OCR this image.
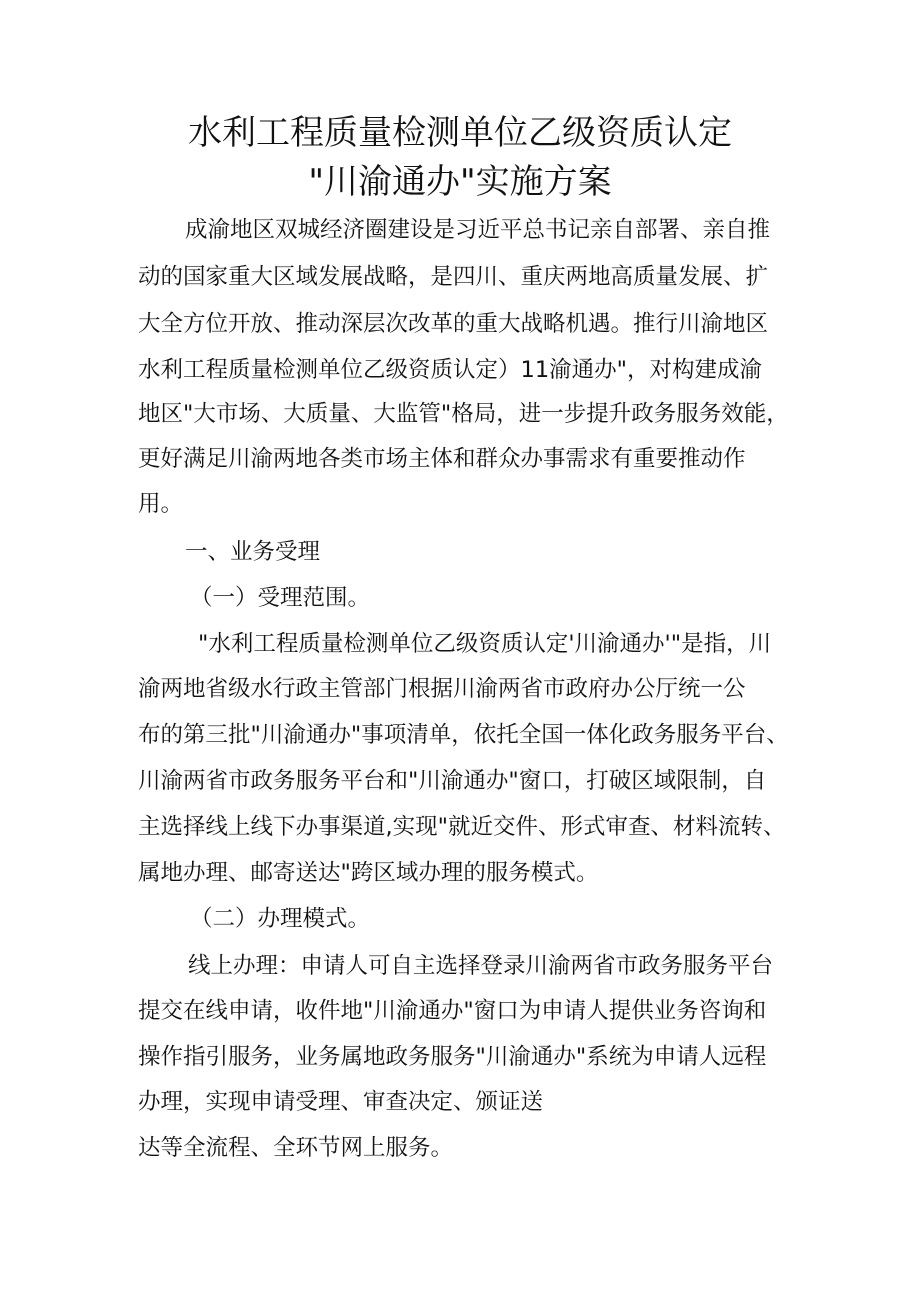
水利工程质量检测单位乙级资质认定
"川渝通办"实施方案
成渝地区双城经济圈建设是习近平总书记亲自部署、亲自推
动的国家重大区域发展战略，是四川、重庆两地高质量发展、扩
大全方位开放、推动深层次改革的重大战略机遇。推行川渝地区
水利工程质量检测单位乙级资质认定）11渝通办"，对构建成渝
地区"大市场、大质量、大监管"格局，进一步提升政务服务效能，
更好满足川渝两地各类市场主体和群众办事需求有重要推动作
用。
一、业务受理
（一）受理范围。
"水利工程质量检测单位乙级资质认定'川渝通办'"是指，川
渝两地省级水行政主管部门根据川渝两省市政府办公厅统一公
布的第三批"川渝通办"事项清单，依托全国一体化政务服务平台、
川渝两省市政务服务平台和"川渝通办"窗口，打破区域限制，自
主选择线上线下办事渠道,实现"就近交件、形式审查、材料流转、
属地办理、邮寄送达"跨区域办理的服务模式。
（二）办理模式。
线上办理：申请人可自主选择登录川渝两省市政务服务平台
提交在线申请，收件地"川渝通办"窗口为申请人提供业务咨询和
操作指引服务，业务属地政务服务"川渝通办"系统为申请人远程
办理，实现申请受理、审查决定、颁证送
达等全流程、全环节网上服务。
